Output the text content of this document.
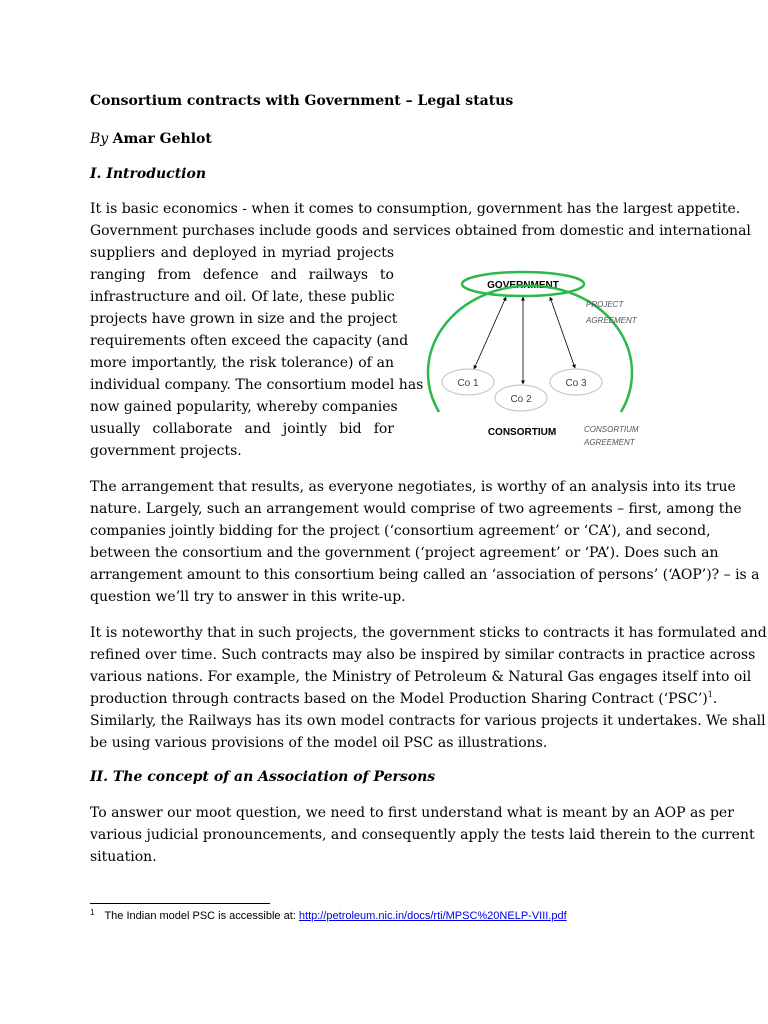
Consortium contracts with Government – Legal status
By Amar Gehlot
I. Introduction
It is basic economics - when it comes to consumption, government has the largest appetite.
Government purchases include goods and services obtained from domestic and international
suppliers and deployed in myriad projects
ranging from defence and railways to
infrastructure and oil. Of late, these public
projects have grown in size and the project
requirements often exceed the capacity (and
more importantly, the risk tolerance) of an
individual company. The consortium model has
now gained popularity, whereby companies
usually collaborate and jointly bid for
government projects.
GOVERNMENT
Co 1
Co 2
Co 3
CONSORTIUM
PROJECT
AGREEMENT
CONSORTIUM
AGREEMENT
The arrangement that results, as everyone negotiates, is worthy of an analysis into its true
nature. Largely, such an arrangement would comprise of two agreements – first, among the
companies jointly bidding for the project (‘consortium agreement’ or ‘CA’), and second,
between the consortium and the government (‘project agreement’ or ‘PA’). Does such an
arrangement amount to this consortium being called an ‘association of persons’ (‘AOP’)? – is a
question we’ll try to answer in this write-up.
It is noteworthy that in such projects, the government sticks to contracts it has formulated and
refined over time. Such contracts may also be inspired by similar contracts in practice across
various nations. For example, the Ministry of Petroleum & Natural Gas engages itself into oil
production through contracts based on the Model Production Sharing Contract (‘PSC’)$^1$.
Similarly, the Railways has its own model contracts for various projects it undertakes. We shall
be using various provisions of the model oil PSC as illustrations.
II. The concept of an Association of Persons
To answer our moot question, we need to first understand what is meant by an AOP as per
various judicial pronouncements, and consequently apply the tests laid therein to the current
situation.
$^1$ The Indian model PSC is accessible at: http://petroleum.nic.in/docs/rti/MPSC%20NELP-VIII.pdf
